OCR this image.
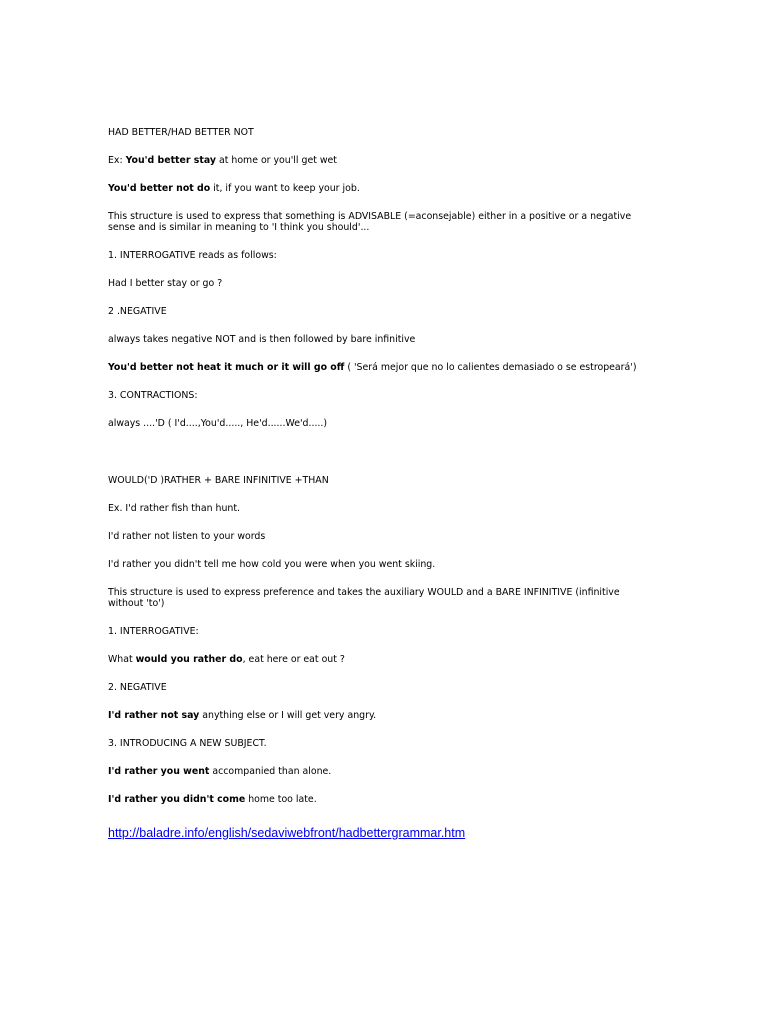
HAD BETTER/HAD BETTER NOT

Ex: You'd better stay at home or you'll get wet

You'd better not do it, if you want to keep your job.

This structure is used to express that something is ADVISABLE (=aconsejable) either in a positive or a negative sense and is similar in meaning to 'I think you should'...

1. INTERROGATIVE reads as follows:

Had I better stay or go ?

2 .NEGATIVE

always takes negative NOT and is then followed by bare infinitive

You'd better not heat it much or it will go off ( 'Será mejor que no lo calientes demasiado o se estropeará')

3. CONTRACTIONS:

always ....'D ( I'd....,You'd....., He'd......We'd.....)

WOULD('D )RATHER + BARE INFINITIVE +THAN

Ex. I'd rather fish than hunt.

I'd rather not listen to your words

I'd rather you didn't tell me how cold you were when you went skiing.

This structure is used to express preference and takes the auxiliary WOULD and a BARE INFINITIVE (infinitive without 'to')

1. INTERROGATIVE:

What would you rather do, eat here or eat out ?

2. NEGATIVE

I'd rather not say anything else or I will get very angry.

3. INTRODUCING A NEW SUBJECT.

I'd rather you went accompanied than alone.

I'd rather you didn't come home too late.

http://baladre.info/english/sedaviwebfront/hadbettergrammar.htm
